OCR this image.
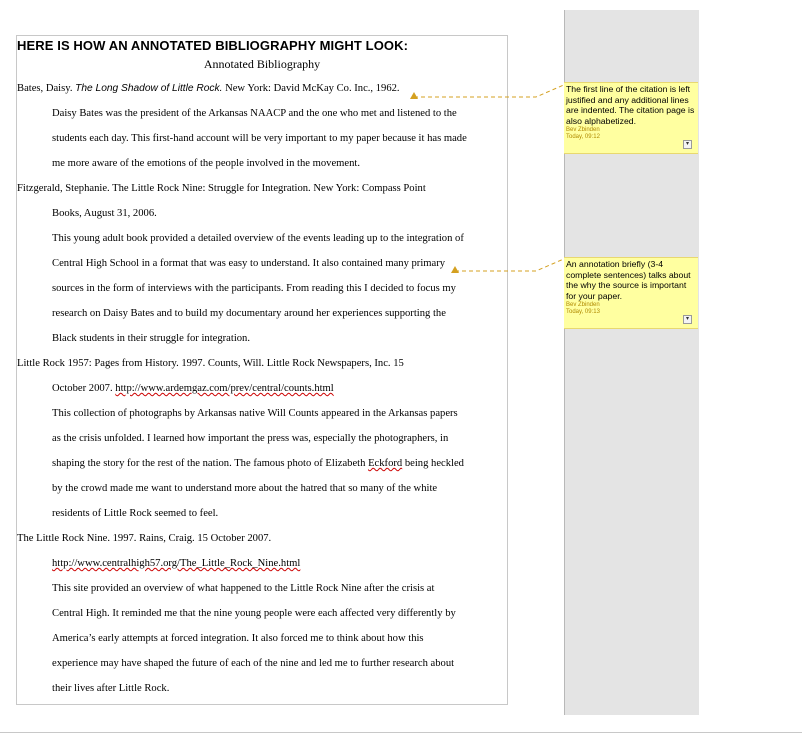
HERE IS HOW AN ANNOTATED BIBLIOGRAPHY MIGHT LOOK:
Annotated Bibliography
Bates, Daisy. The Long Shadow of Little Rock. New York: David McKay Co. Inc., 1962.
Daisy Bates was the president of the Arkansas NAACP and the one who met and listened to the
students each day. This first-hand account will be very important to my paper because it has made
me more aware of the emotions of the people involved in the movement.
Fitzgerald, Stephanie. The Little Rock Nine: Struggle for Integration. New York: Compass Point
Books, August 31, 2006.
This young adult book provided a detailed overview of the events leading up to the integration of
Central High School in a format that was easy to understand. It also contained many primary
sources in the form of interviews with the participants. From reading this I decided to focus my
research on Daisy Bates and to build my documentary around her experiences supporting the
Black students in their struggle for integration.
Little Rock 1957: Pages from History. 1997. Counts, Will. Little Rock Newspapers, Inc. 15
October 2007. http://www.ardemgaz.com/prev/central/counts.html
This collection of photographs by Arkansas native Will Counts appeared in the Arkansas papers
as the crisis unfolded. I learned how important the press was, especially the photographers, in
shaping the story for the rest of the nation. The famous photo of Elizabeth Eckford being heckled
by the crowd made me want to understand more about the hatred that so many of the white
residents of Little Rock seemed to feel.
The Little Rock Nine. 1997. Rains, Craig. 15 October 2007.
http://www.centralhigh57.org/The_Little_Rock_Nine.html
This site provided an overview of what happened to the Little Rock Nine after the crisis at
Central High. It reminded me that the nine young people were each affected very differently by
America’s early attempts at forced integration. It also forced me to think about how this
experience may have shaped the future of each of the nine and led me to further research about
their lives after Little Rock.
The first line of the citation is left justified and any additional lines are indented. The citation page is also alphabetized.
Bev Zbinden
Today, 09:12
▾
An annotation briefly (3-4 complete sentences) talks about the why the source is important for your paper.
Bev Zbinden
Today, 09:13
▾
